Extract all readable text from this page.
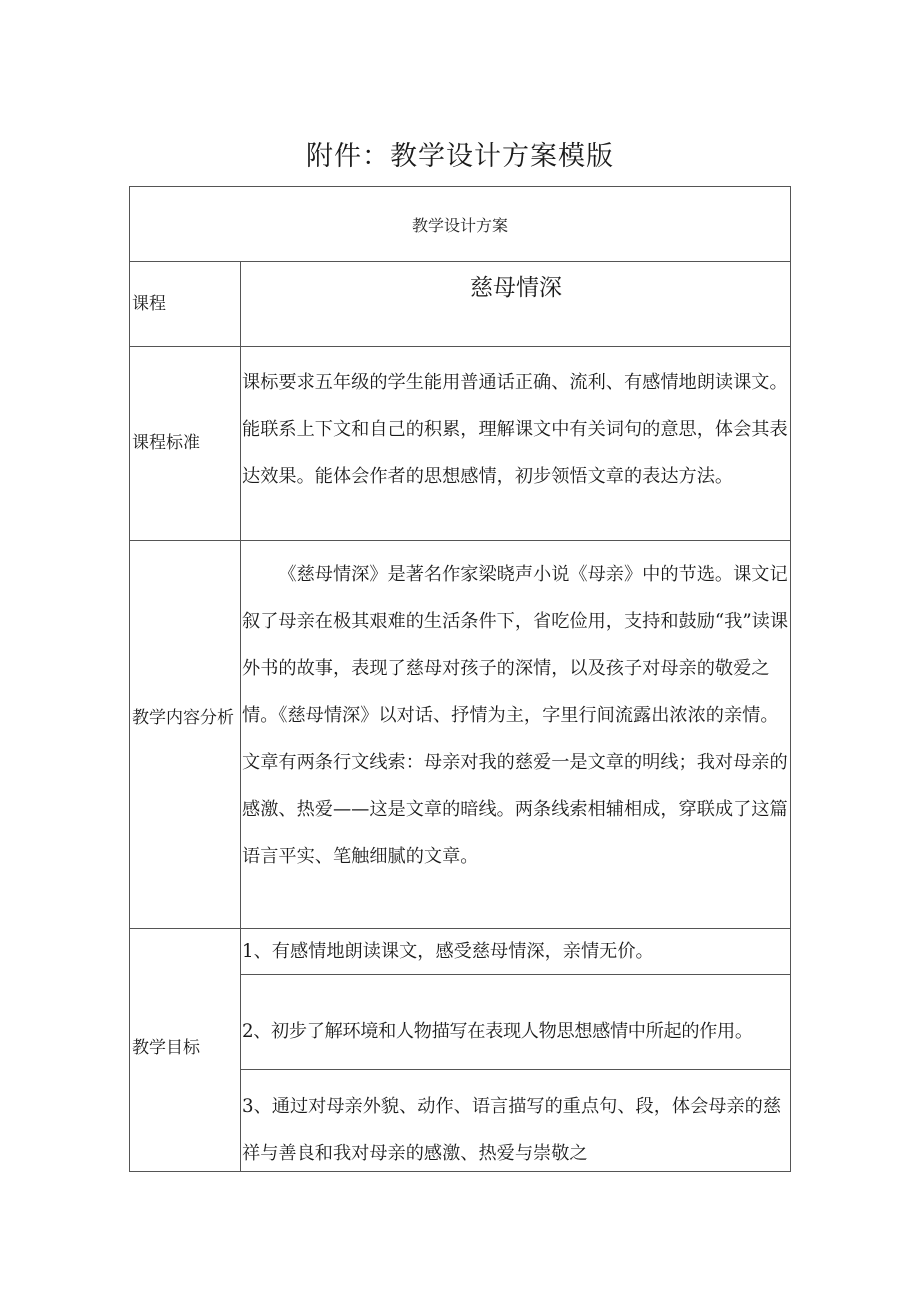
附件：教学设计方案模版
教学设计方案
课程
慈母情深
课程标准
课标要求五年级的学生能用普通话正确、流利、有感情地朗读课文。能联系上下文和自己的积累，理解课文中有关词句的意思，体会其表达效果。能体会作者的思想感情，初步领悟文章的表达方法。
教学内容分析
《慈母情深》是著名作家梁晓声小说《母亲》中的节选。课文记叙了母亲在极其艰难的生活条件下，省吃俭用，支持和鼓励“我”读课外书的故事，表现了慈母对孩子的深情，以及孩子对母亲的敬爱之情。《慈母情深》以对话、抒情为主，字里行间流露出浓浓的亲情。文章有两条行文线索：母亲对我的慈爱一是文章的明线；我对母亲的感激、热爱——这是文章的暗线。两条线索相辅相成，穿联成了这篇语言平实、笔触细腻的文章。
教学目标
1、有感情地朗读课文，感受慈母情深，亲情无价。
2、初步了解环境和人物描写在表现人物思想感情中所起的作用。
3、通过对母亲外貌、动作、语言描写的重点句、段，体会母亲的慈祥与善良和我对母亲的感激、热爱与崇敬之
